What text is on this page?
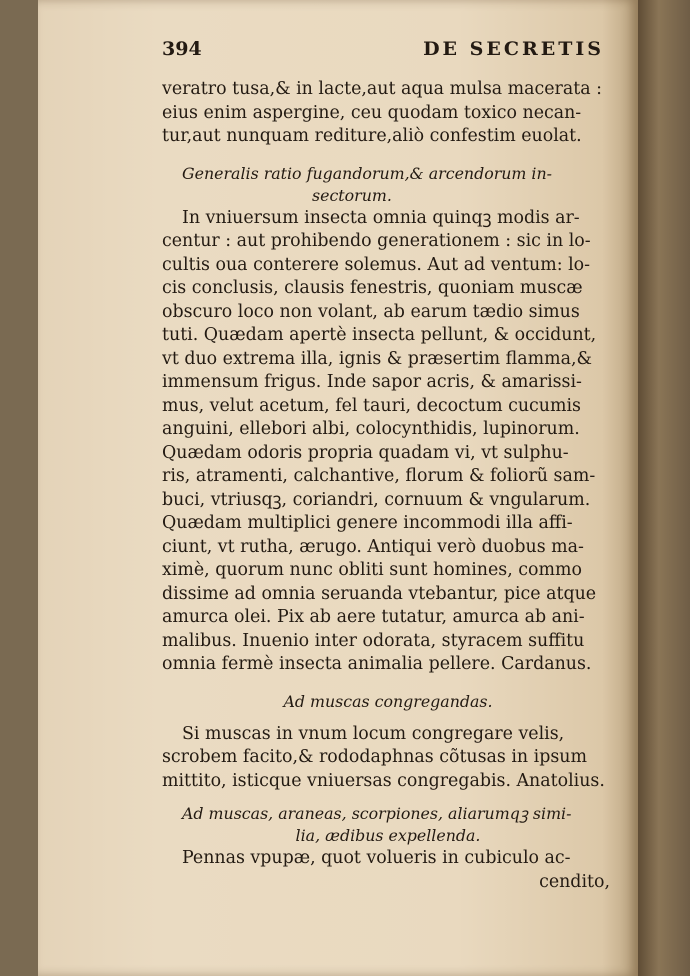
394	DE SECRETIS
veratro tusa,& in lacte,aut aqua mulsa macerata :
eius enim aspergine, ceu quodam toxico necan-
tur,aut nunquam rediture,aliò confestim euolat.
Generalis ratio fugandorum,& arcendorum in-
sectorum.
In vniuersum insecta omnia quinqꝫ modis ar-
centur : aut prohibendo generationem : sic in lo-
cultis oua conterere solemus. Aut ad ventum: lo-
cis conclusis, clausis fenestris, quoniam muscæ
obscuro loco non volant, ab earum tædio simus
tuti. Quædam apertè insecta pellunt, & occidunt,
vt duo extrema illa, ignis & præsertim flamma,&
immensum frigus. Inde sapor acris, & amarissi-
mus, velut acetum, fel tauri, decoctum cucumis
anguini, ellebori albi, colocynthidis, lupinorum.
Quædam odoris propria quadam vi, vt sulphu-
ris, atramenti, calchantive, florum & foliorũ sam-
buci, vtriusqꝫ, coriandri, cornuum & vngularum.
Quædam multiplici genere incommodi illa affi-
ciunt, vt rutha, ærugo. Antiqui verò duobus ma-
ximè, quorum nunc obliti sunt homines, commo
dissime ad omnia seruanda vtebantur, pice atque
amurca olei. Pix ab aere tutatur, amurca ab ani-
malibus. Inuenio inter odorata, styracem suffitu
omnia fermè insecta animalia pellere. Cardanus.
Ad muscas congregandas.
Si muscas in vnum locum congregare velis,
scrobem facito,& rododaphnas cõtusas in ipsum
mittito, isticque vniuersas congregabis. Anatolius.
Ad muscas, araneas, scorpiones, aliarumqꝫ simi-
lia, ædibus expellenda.
Pennas vpupæ, quot volueris in cubiculo ac-
cendito,
